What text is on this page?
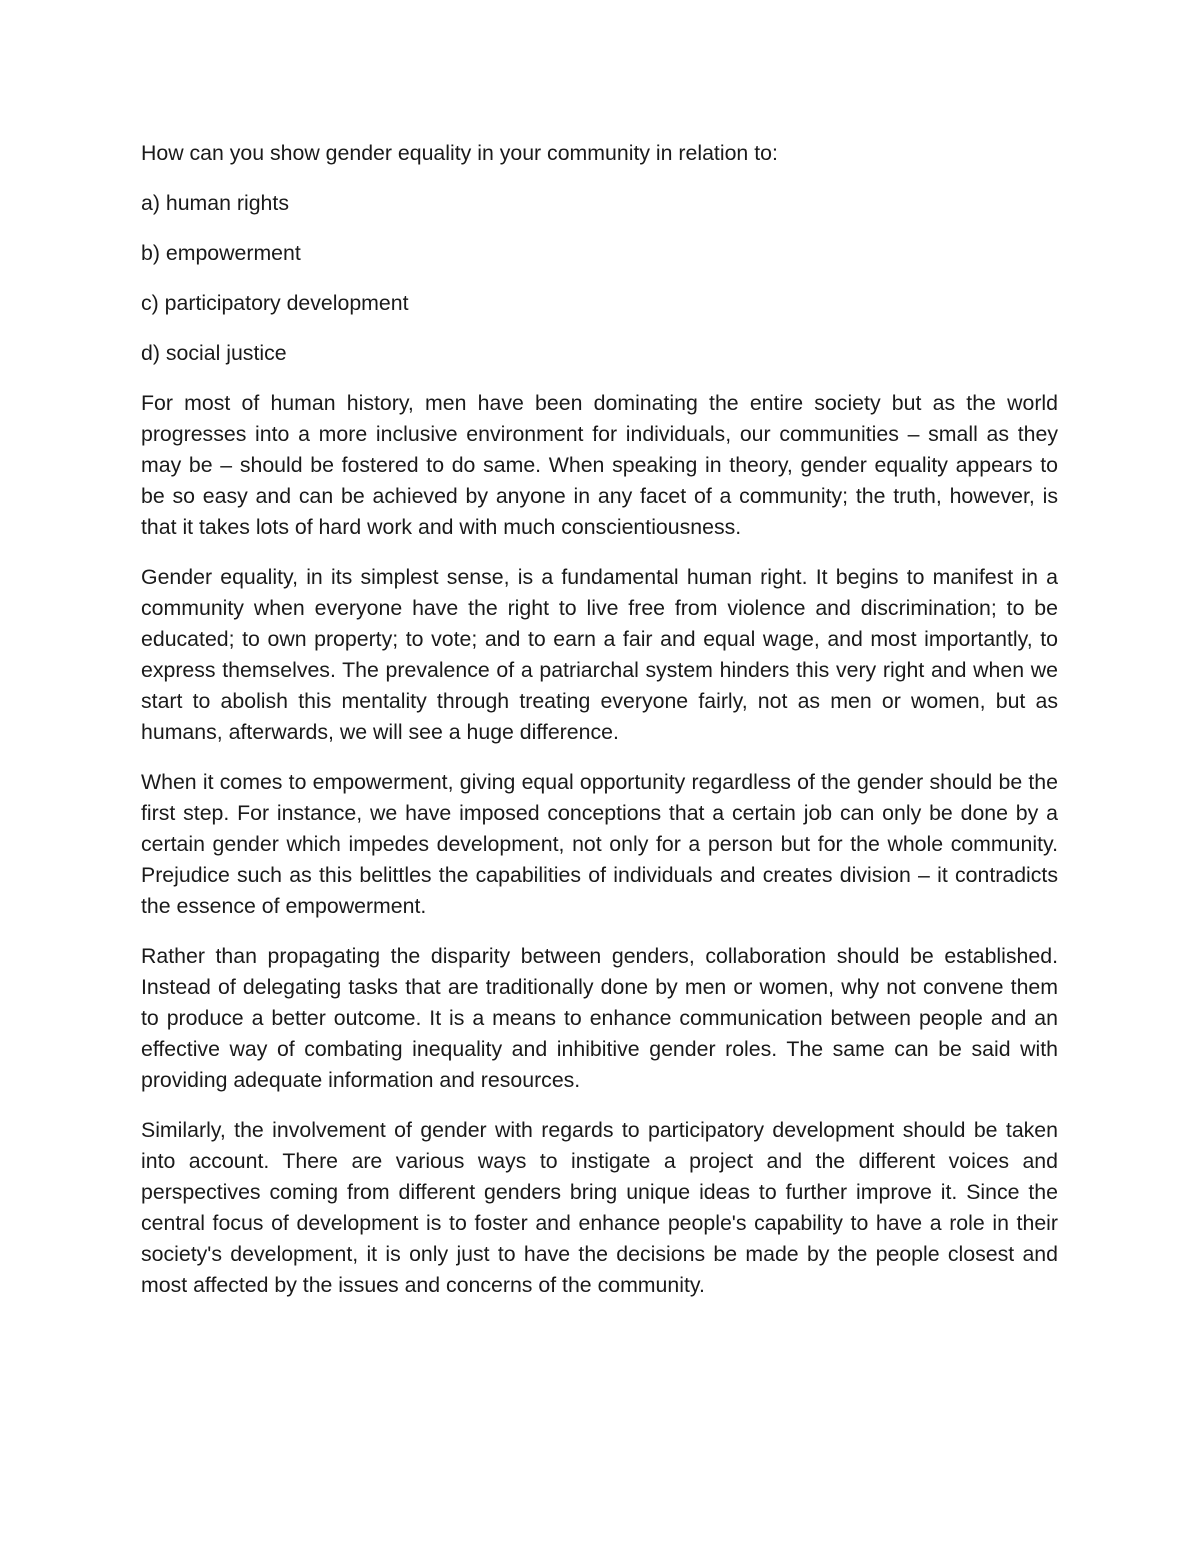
How can you show gender equality in your community in relation to:

a) human rights

b) empowerment

c) participatory development

d) social justice

For most of human history, men have been dominating the entire society but as the world progresses into a more inclusive environment for individuals, our communities – small as they may be – should be fostered to do same. When speaking in theory, gender equality appears to be so easy and can be achieved by anyone in any facet of a community; the truth, however, is that it takes lots of hard work and with much conscientiousness.

Gender equality, in its simplest sense, is a fundamental human right. It begins to manifest in a community when everyone have the right to live free from violence and discrimination; to be educated; to own property; to vote; and to earn a fair and equal wage, and most importantly, to express themselves. The prevalence of a patriarchal system hinders this very right and when we start to abolish this mentality through treating everyone fairly, not as men or women, but as humans, afterwards, we will see a huge difference.

When it comes to empowerment, giving equal opportunity regardless of the gender should be the first step. For instance, we have imposed conceptions that a certain job can only be done by a certain gender which impedes development, not only for a person but for the whole community. Prejudice such as this belittles the capabilities of individuals and creates division – it contradicts the essence of empowerment.

Rather than propagating the disparity between genders, collaboration should be established. Instead of delegating tasks that are traditionally done by men or women, why not convene them to produce a better outcome. It is a means to enhance communication between people and an effective way of combating inequality and inhibitive gender roles. The same can be said with providing adequate information and resources.

Similarly, the involvement of gender with regards to participatory development should be taken into account. There are various ways to instigate a project and the different voices and perspectives coming from different genders bring unique ideas to further improve it. Since the central focus of development is to foster and enhance people's capability to have a role in their society's development, it is only just to have the decisions be made by the people closest and most affected by the issues and concerns of the community.
